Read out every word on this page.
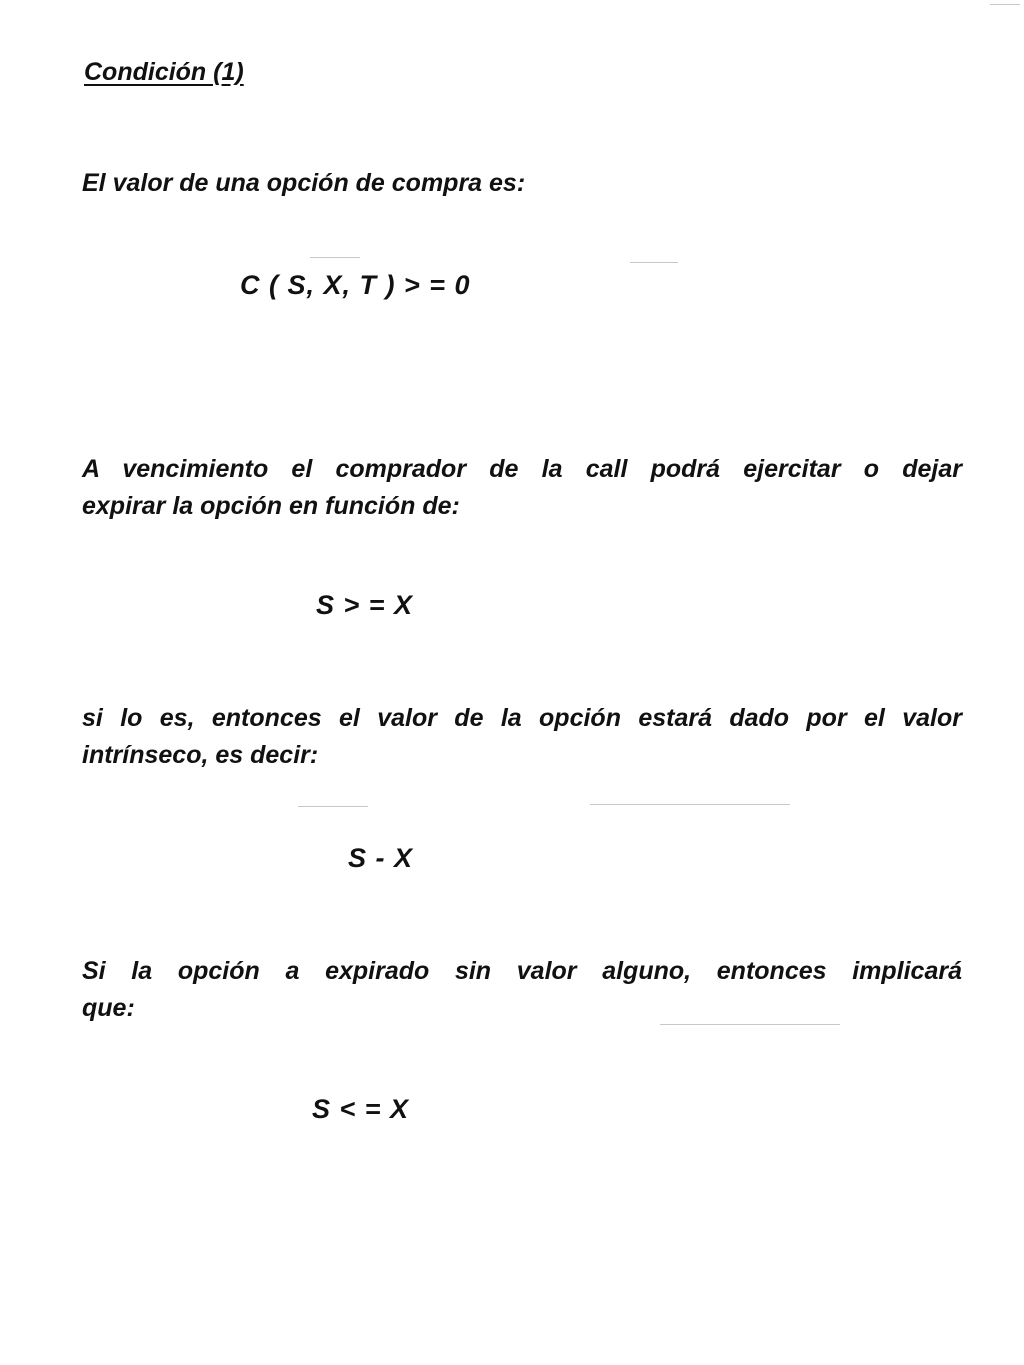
Condición (1)
El valor de una opción de compra es:
C ( S, X, T ) > = 0
A vencimiento el comprador de la call podrá ejercitar o dejar
expirar la opción en función de:
S > = X
si lo es, entonces el valor de la opción estará dado por el valor
intrínseco, es decir:
S - X
Si la opción a expirado sin valor alguno, entonces implicará
que:
S < = X
